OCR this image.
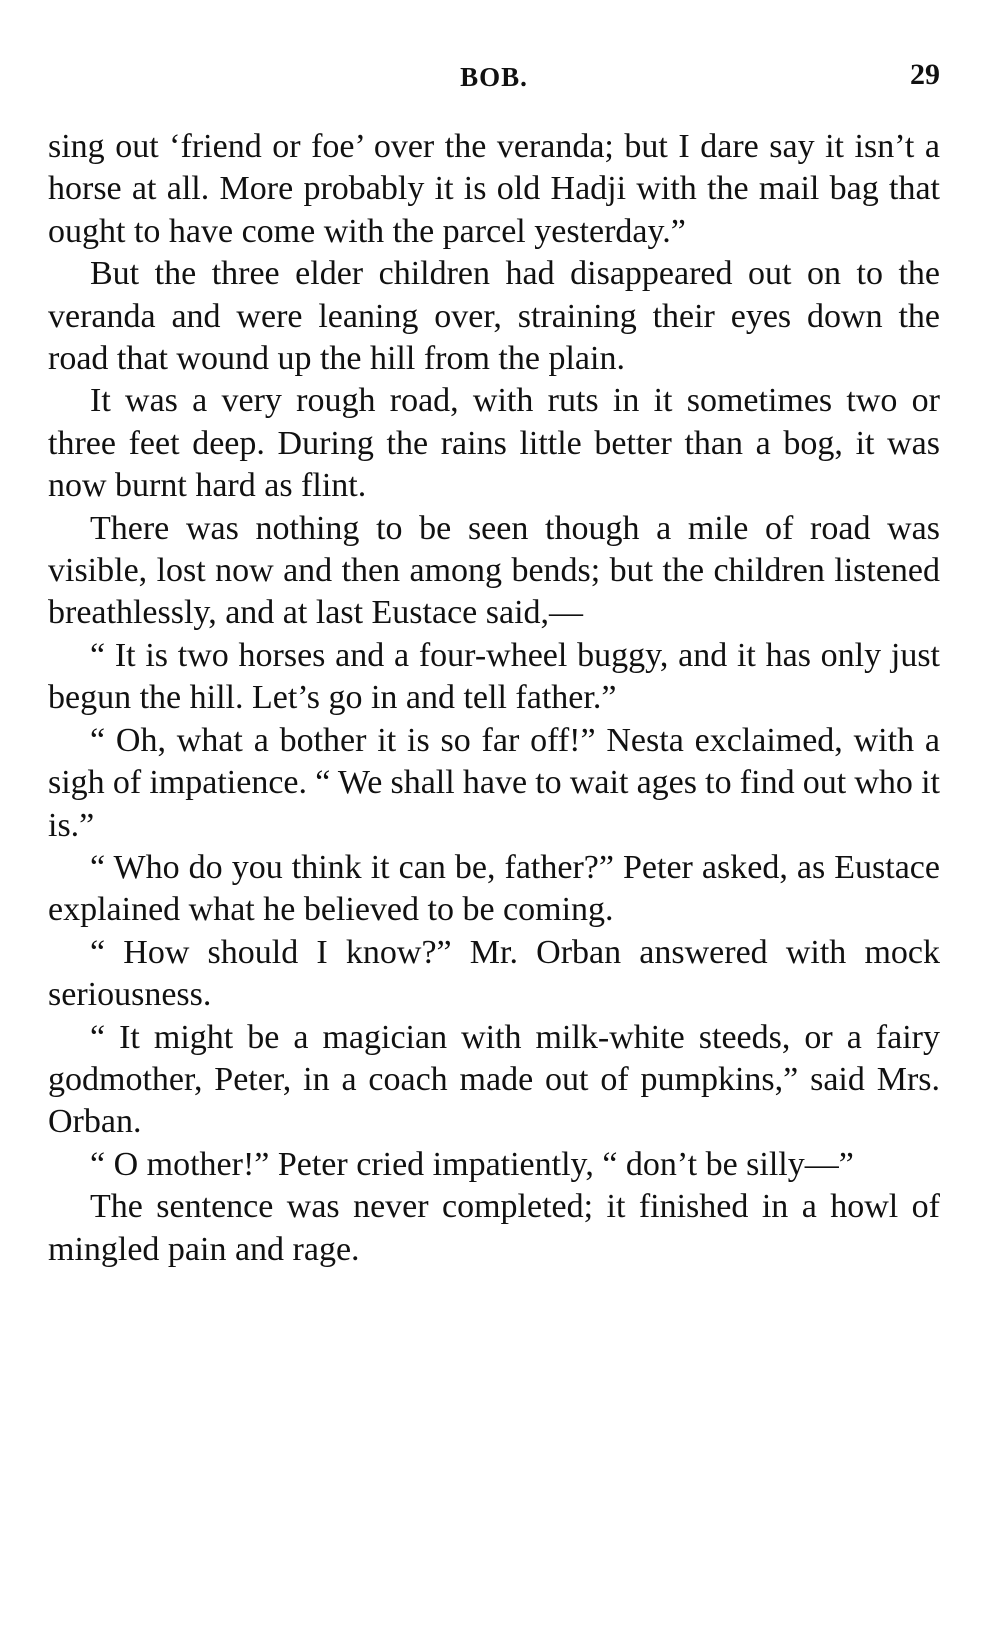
BOB.	29

sing out ‘friend or foe’ over the veranda; but I dare say it isn’t a horse at all. More probably it is old Hadji with the mail bag that ought to have come with the parcel yesterday.”

But the three elder children had disappeared out on to the veranda and were leaning over, straining their eyes down the road that wound up the hill from the plain.

It was a very rough road, with ruts in it sometimes two or three feet deep. During the rains little better than a bog, it was now burnt hard as flint.

There was nothing to be seen though a mile of road was visible, lost now and then among bends; but the children listened breathlessly, and at last Eustace said,—

“ It is two horses and a four-wheel buggy, and it has only just begun the hill. Let’s go in and tell father.”

“ Oh, what a bother it is so far off!” Nesta exclaimed, with a sigh of impatience. “ We shall have to wait ages to find out who it is.”

“ Who do you think it can be, father?” Peter asked, as Eustace explained what he believed to be coming.

“ How should I know?” Mr. Orban answered with mock seriousness.

“ It might be a magician with milk-white steeds, or a fairy godmother, Peter, in a coach made out of pumpkins,” said Mrs. Orban.

“ O mother!” Peter cried impatiently, “ don’t be silly—”

The sentence was never completed; it finished in a howl of mingled pain and rage.
